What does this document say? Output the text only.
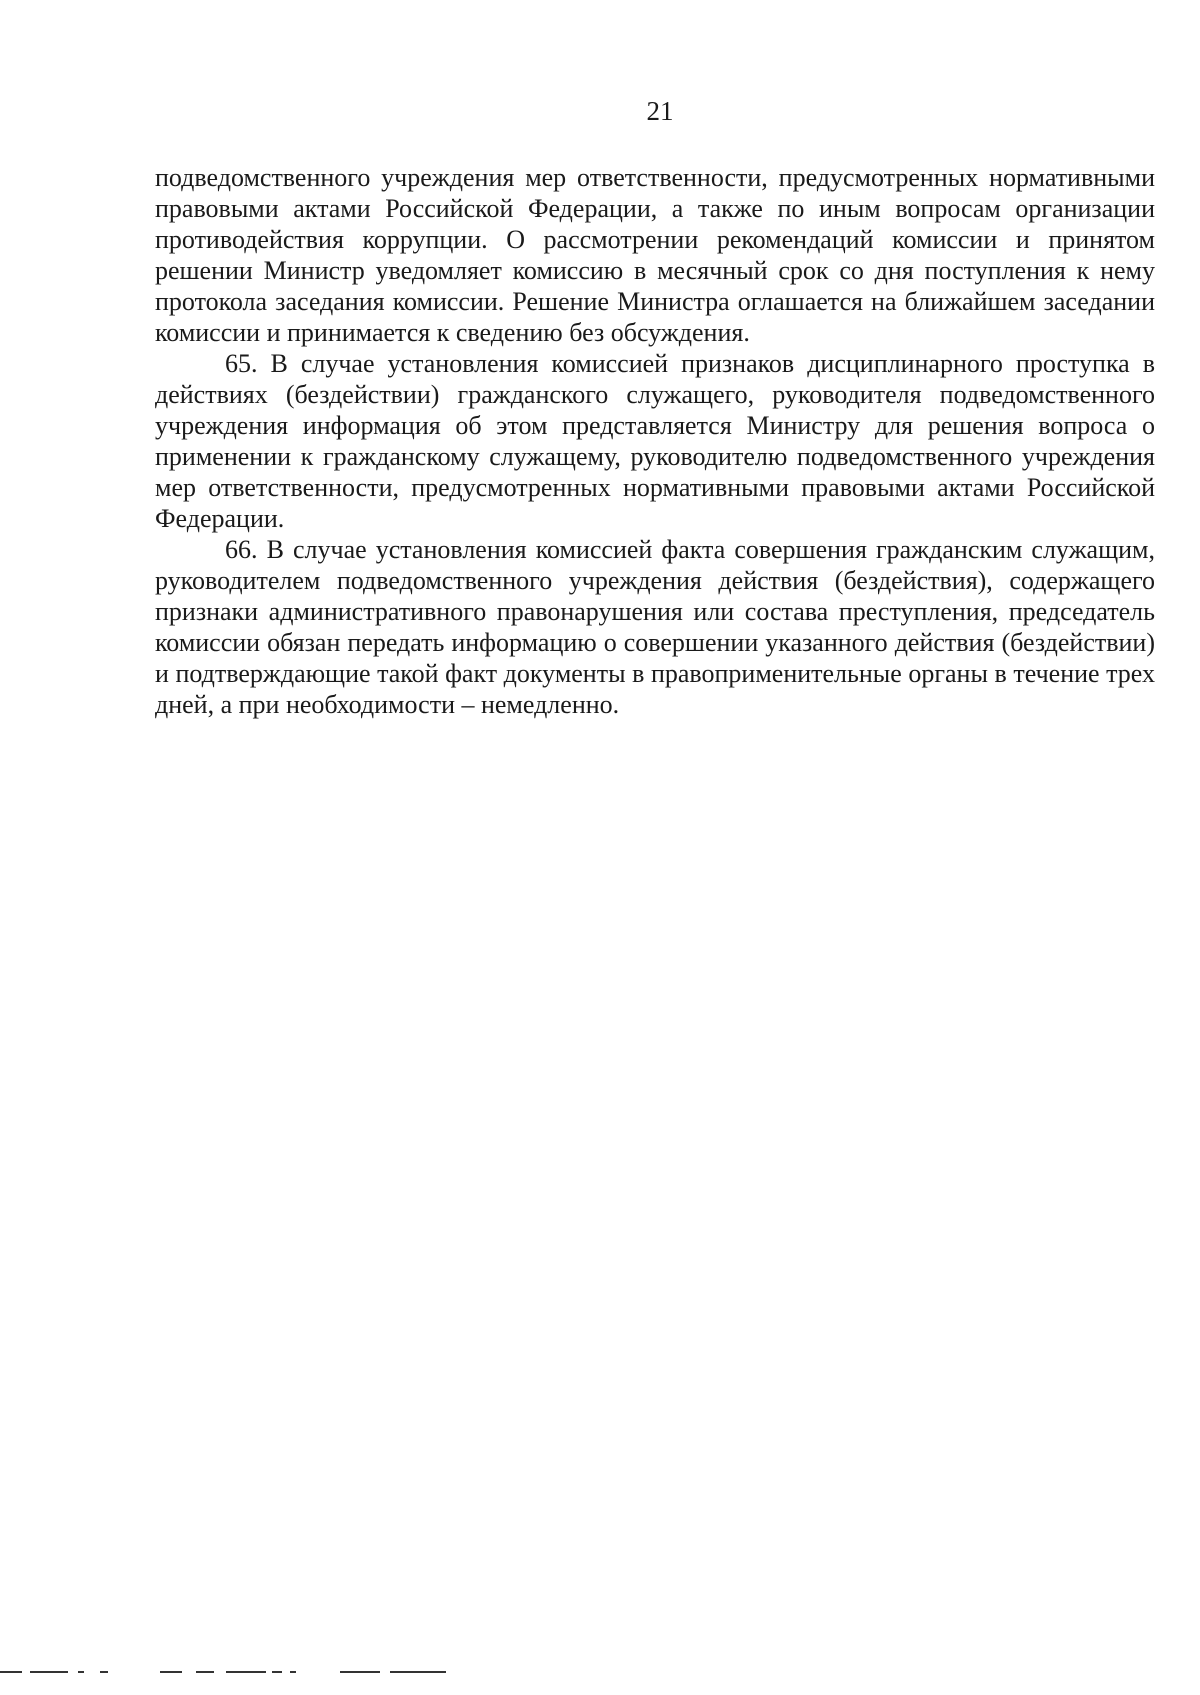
21

подведомственного учреждения мер ответственности, предусмотренных нормативными правовыми актами Российской Федерации, а также по иным вопросам организации противодействия коррупции. О рассмотрении рекомендаций комиссии и принятом решении Министр уведомляет комиссию в месячный срок со дня поступления к нему протокола заседания комиссии. Решение Министра оглашается на ближайшем заседании комиссии и принимается к сведению без обсуждения.

65. В случае установления комиссией признаков дисциплинарного проступка в действиях (бездействии) гражданского служащего, руководителя подведомственного учреждения информация об этом представляется Министру для решения вопроса о применении к гражданскому служащему, руководителю подведомственного учреждения мер ответственности, предусмотренных нормативными правовыми актами Российской Федерации.

66. В случае установления комиссией факта совершения гражданским служащим, руководителем подведомственного учреждения действия (бездействия), содержащего признаки административного правонарушения или состава преступления, председатель комиссии обязан передать информацию о совершении указанного действия (бездействии) и подтверждающие такой факт документы в правоприменительные органы в течение трех дней, а при необходимости – немедленно.
